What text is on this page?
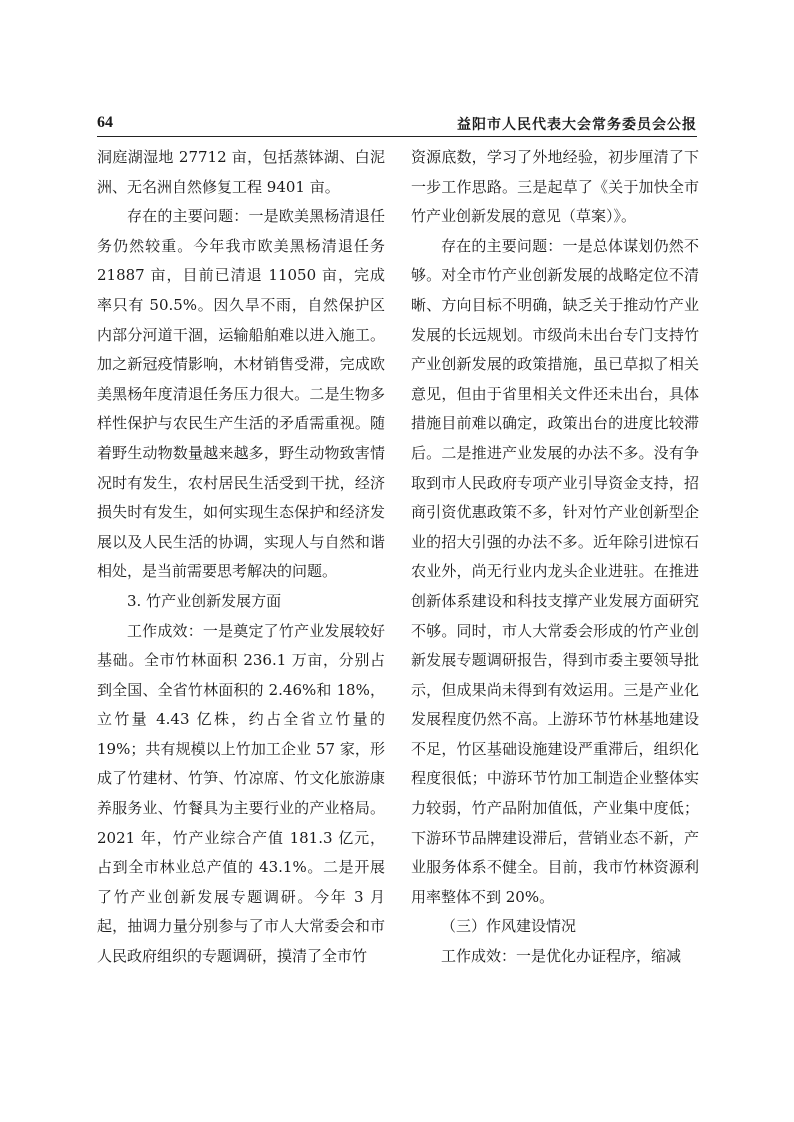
64	益阳市人民代表大会常务委员会公报

洞庭湖湿地 27712 亩，包括蒸钵湖、白泥洲、无名洲自然修复工程 9401 亩。

存在的主要问题：一是欧美黑杨清退任务仍然较重。今年我市欧美黑杨清退任务 21887 亩，目前已清退 11050 亩，完成率只有 50.5%。因久旱不雨，自然保护区内部分河道干涸，运输船舶难以进入施工。加之新冠疫情影响，木材销售受滞，完成欧美黑杨年度清退任务压力很大。二是生物多样性保护与农民生产生活的矛盾需重视。随着野生动物数量越来越多，野生动物致害情况时有发生，农村居民生活受到干扰，经济损失时有发生，如何实现生态保护和经济发展以及人民生活的协调，实现人与自然和谐相处，是当前需要思考解决的问题。

3. 竹产业创新发展方面

工作成效：一是奠定了竹产业发展较好基础。全市竹林面积 236.1 万亩，分别占到全国、全省竹林面积的 2.46%和 18%，立竹量 4.43 亿株，约占全省立竹量的 19%；共有规模以上竹加工企业 57 家，形成了竹建材、竹笋、竹凉席、竹文化旅游康养服务业、竹餐具为主要行业的产业格局。2021 年，竹产业综合产值 181.3 亿元，占到全市林业总产值的 43.1%。二是开展了竹产业创新发展专题调研。今年 3 月起，抽调力量分别参与了市人大常委会和市人民政府组织的专题调研，摸清了全市竹

资源底数，学习了外地经验，初步厘清了下一步工作思路。三是起草了《关于加快全市竹产业创新发展的意见（草案）》。

存在的主要问题：一是总体谋划仍然不够。对全市竹产业创新发展的战略定位不清晰、方向目标不明确，缺乏关于推动竹产业发展的长远规划。市级尚未出台专门支持竹产业创新发展的政策措施，虽已草拟了相关意见，但由于省里相关文件还未出台，具体措施目前难以确定，政策出台的进度比较滞后。二是推进产业发展的办法不多。没有争取到市人民政府专项产业引导资金支持，招商引资优惠政策不多，针对竹产业创新型企业的招大引强的办法不多。近年除引进惊石农业外，尚无行业内龙头企业进驻。在推进创新体系建设和科技支撑产业发展方面研究不够。同时，市人大常委会形成的竹产业创新发展专题调研报告，得到市委主要领导批示，但成果尚未得到有效运用。三是产业化发展程度仍然不高。上游环节竹林基地建设不足，竹区基础设施建设严重滞后，组织化程度很低；中游环节竹加工制造企业整体实力较弱，竹产品附加值低，产业集中度低；下游环节品牌建设滞后，营销业态不新，产业服务体系不健全。目前，我市竹林资源利用率整体不到 20%。

（三）作风建设情况

工作成效：一是优化办证程序，缩减
